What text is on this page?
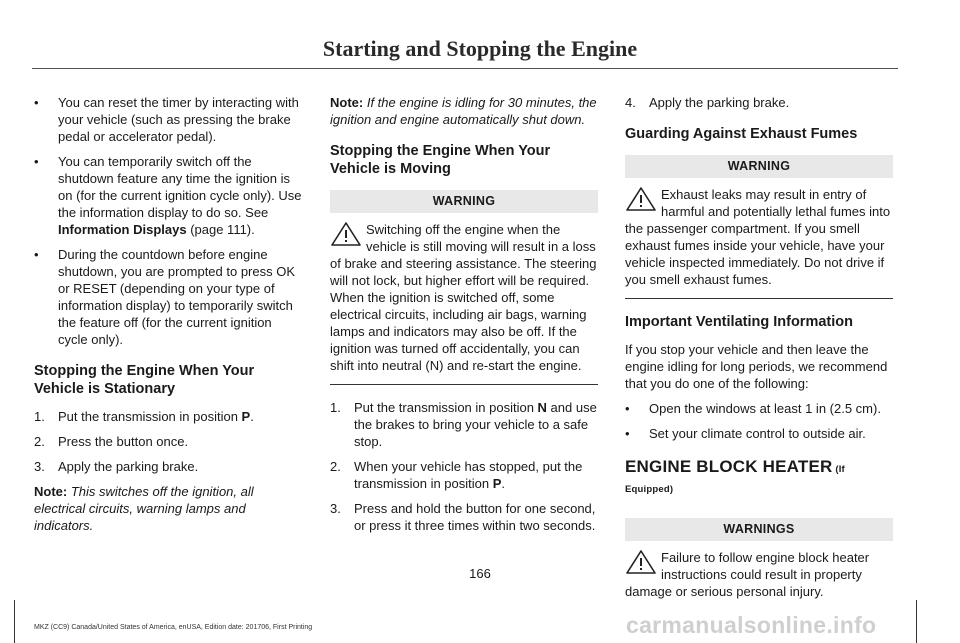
Starting and Stopping the Engine
•	You can reset the timer by interacting with your vehicle (such as pressing the brake pedal or accelerator pedal).
•	You can temporarily switch off the shutdown feature any time the ignition is on (for the current ignition cycle only). Use the information display to do so. See Information Displays (page 111).
•	During the countdown before engine shutdown, you are prompted to press OK or RESET (depending on your type of information display) to temporarily switch the feature off (for the current ignition cycle only).
Stopping the Engine When Your Vehicle is Stationary
1.	Put the transmission in position P.
2.	Press the button once.
3.	Apply the parking brake.

Note: This switches off the ignition, all electrical circuits, warning lamps and indicators.

Note: If the engine is idling for 30 minutes, the ignition and engine automatically shut down.

Stopping the Engine When Your Vehicle is Moving
WARNING
Switching off the engine when the vehicle is still moving will result in a loss of brake and steering assistance. The steering will not lock, but higher effort will be required. When the ignition is switched off, some electrical circuits, including air bags, warning lamps and indicators may also be off. If the ignition was turned off accidentally, you can shift into neutral (N) and re-start the engine.
1.	Put the transmission in position N and use the brakes to bring your vehicle to a safe stop.
2.	When your vehicle has stopped, put the transmission in position P.
3.	Press and hold the button for one second, or press it three times within two seconds.
4.	Apply the parking brake.
Guarding Against Exhaust Fumes
WARNING
Exhaust leaks may result in entry of harmful and potentially lethal fumes into the passenger compartment. If you smell exhaust fumes inside your vehicle, have your vehicle inspected immediately. Do not drive if you smell exhaust fumes.
Important Ventilating Information

If you stop your vehicle and then leave the engine idling for long periods, we recommend that you do one of the following:

•	Open the windows at least 1 in (2.5 cm).
•	Set your climate control to outside air.
ENGINE BLOCK HEATER (If Equipped)
WARNINGS
Failure to follow engine block heater instructions could result in property damage or serious personal injury.
166
MKZ (CC9) Canada/United States of America, enUSA, Edition date: 201706, First Printing	carmanualsonline.info
